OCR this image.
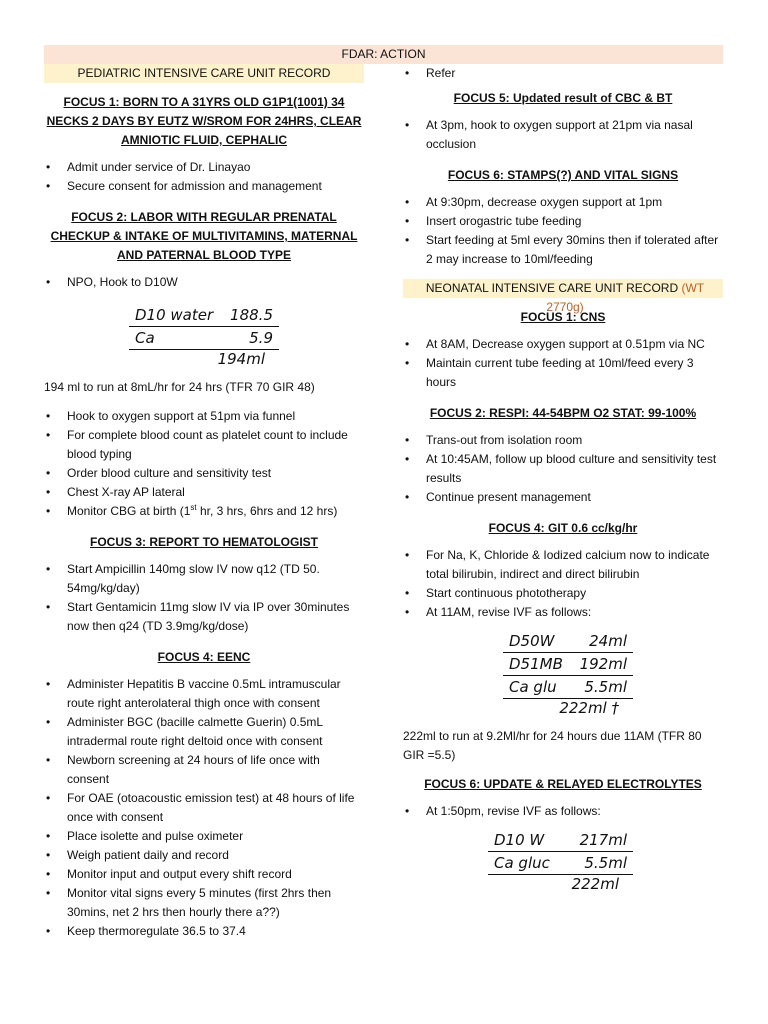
FDAR: ACTION
PEDIATRIC INTENSIVE CARE UNIT RECORD
FOCUS 1: BORN TO A 31YRS OLD G1P1(1001) 34 NECKS 2 DAYS BY EUTZ W/SROM FOR 24HRS, CLEAR AMNIOTIC FLUID, CEPHALIC
• Admit under service of Dr. Linayao
• Secure consent for admission and management
FOCUS 2: LABOR WITH REGULAR PRENATAL CHECKUP & INTAKE OF MULTIVITAMINS, MATERNAL AND PATERNAL BLOOD TYPE
• NPO, Hook to D10W
D10 water 188.5
Ca	5.9
194ml

194 ml to run at 8mL/hr for 24 hrs (TFR 70 GIR 48)

• Hook to oxygen support at 51pm via funnel
• For complete blood count as platelet count to include blood typing
• Order blood culture and sensitivity test
• Chest X-ray AP lateral
• Monitor CBG at birth (1st hr, 3 hrs, 6hrs and 12 hrs)
FOCUS 3: REPORT TO HEMATOLOGIST
• Start Ampicillin 140mg slow IV now q12 (TD 50. 54mg/kg/day)
• Start Gentamicin 11mg slow IV via IP over 30minutes now then q24 (TD 3.9mg/kg/dose)
FOCUS 4: EENC
• Administer Hepatitis B vaccine 0.5mL intramuscular route right anterolateral thigh once with consent
• Administer BGC (bacille calmette Guerin) 0.5mL intradermal route right deltoid once with consent
• Newborn screening at 24 hours of life once with consent
• For OAE (otoacoustic emission test) at 48 hours of life once with consent
• Place isolette and pulse oximeter
• Weigh patient daily and record
• Monitor input and output every shift record
• Monitor vital signs every 5 minutes (first 2hrs then 30mins, net 2 hrs then hourly there a??)
• Keep thermoregulate 36.5 to 37.4
• Refer
FOCUS 5: Updated result of CBC & BT
• At 3pm, hook to oxygen support at 21pm via nasal occlusion
FOCUS 6: STAMPS(?) AND VITAL SIGNS
• At 9:30pm, decrease oxygen support at 1pm
• Insert orogastric tube feeding
• Start feeding at 5ml every 30mins then if tolerated after 2 may increase to 10ml/feeding
NEONATAL INTENSIVE CARE UNIT RECORD (WT 2770g)
FOCUS 1: CNS
• At 8AM, Decrease oxygen support at 0.51pm via NC
• Maintain current tube feeding at 10ml/feed every 3 hours
FOCUS 2: RESPI: 44-54BPM O2 STAT: 99-100%
• Trans-out from isolation room
• At 10:45AM, follow up blood culture and sensitivity test results
• Continue present management
FOCUS 4: GIT 0.6 cc/kg/hr
• For Na, K, Chloride & Iodized calcium now to indicate total bilirubin, indirect and direct bilirubin
• Start continuous phototherapy
• At 11AM, revise IVF as follows:
D50W 24ml
D51MB 192ml
Ca glu 5.5ml
222ml †

222ml to run at 9.2Ml/hr for 24 hours due 11AM (TFR 80 GIR =5.5)

FOCUS 6: UPDATE & RELAYED ELECTROLYTES
• At 1:50pm, revise IVF as follows:
D10 W 217ml
Ca gluc 5.5ml
222ml
